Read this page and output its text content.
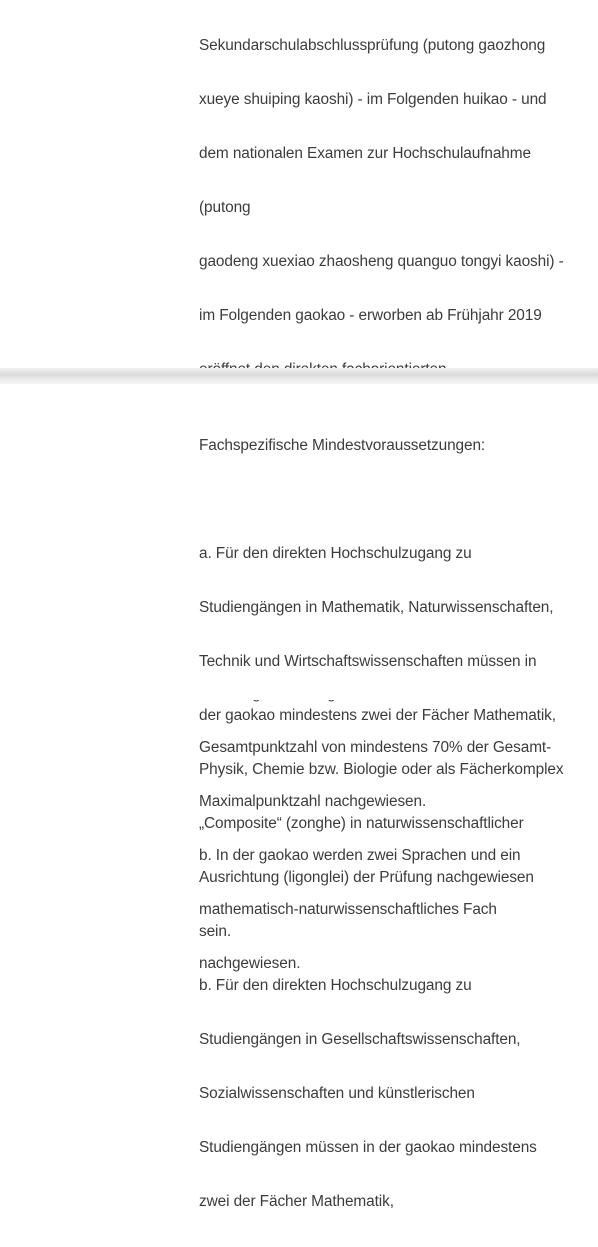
Sekundarschulabschlussprüfung (putong gaozhong

xueye shuiping kaoshi) - im Folgenden huikao - und

dem nationalen Examen zur Hochschulaufnahme

(putong

gaodeng xuexiao zhaosheng quanguo tongyi kaoshi) -

im Folgenden gaokao - erworben ab Frühjahr 2019

Gesamtpunktzahl von mindestens 70% der Gesamt-

Maximalpunktzahl nachgewiesen.

b. In der gaokao werden zwei Sprachen und ein

mathematisch-naturwissenschaftliches Fach

nachgewiesen.

Fachspezifische Mindestvoraussetzungen:

a. Für den direkten Hochschulzugang zu

Studiengängen in Mathematik, Naturwissenschaften,

Technik und Wirtschaftswissenschaften müssen in

der gaokao mindestens zwei der Fächer Mathematik,

Physik, Chemie bzw. Biologie oder als Fächerkomplex

„Composite“ (zonghe) in naturwissenschaftlicher

Ausrichtung (ligonglei) der Prüfung nachgewiesen

sein.

b. Für den direkten Hochschulzugang zu

Studiengängen in Gesellschaftswissenschaften,

Sozialwissenschaften und künstlerischen

Studiengängen müssen in der gaokao mindestens

zwei der Fächer Mathematik,
